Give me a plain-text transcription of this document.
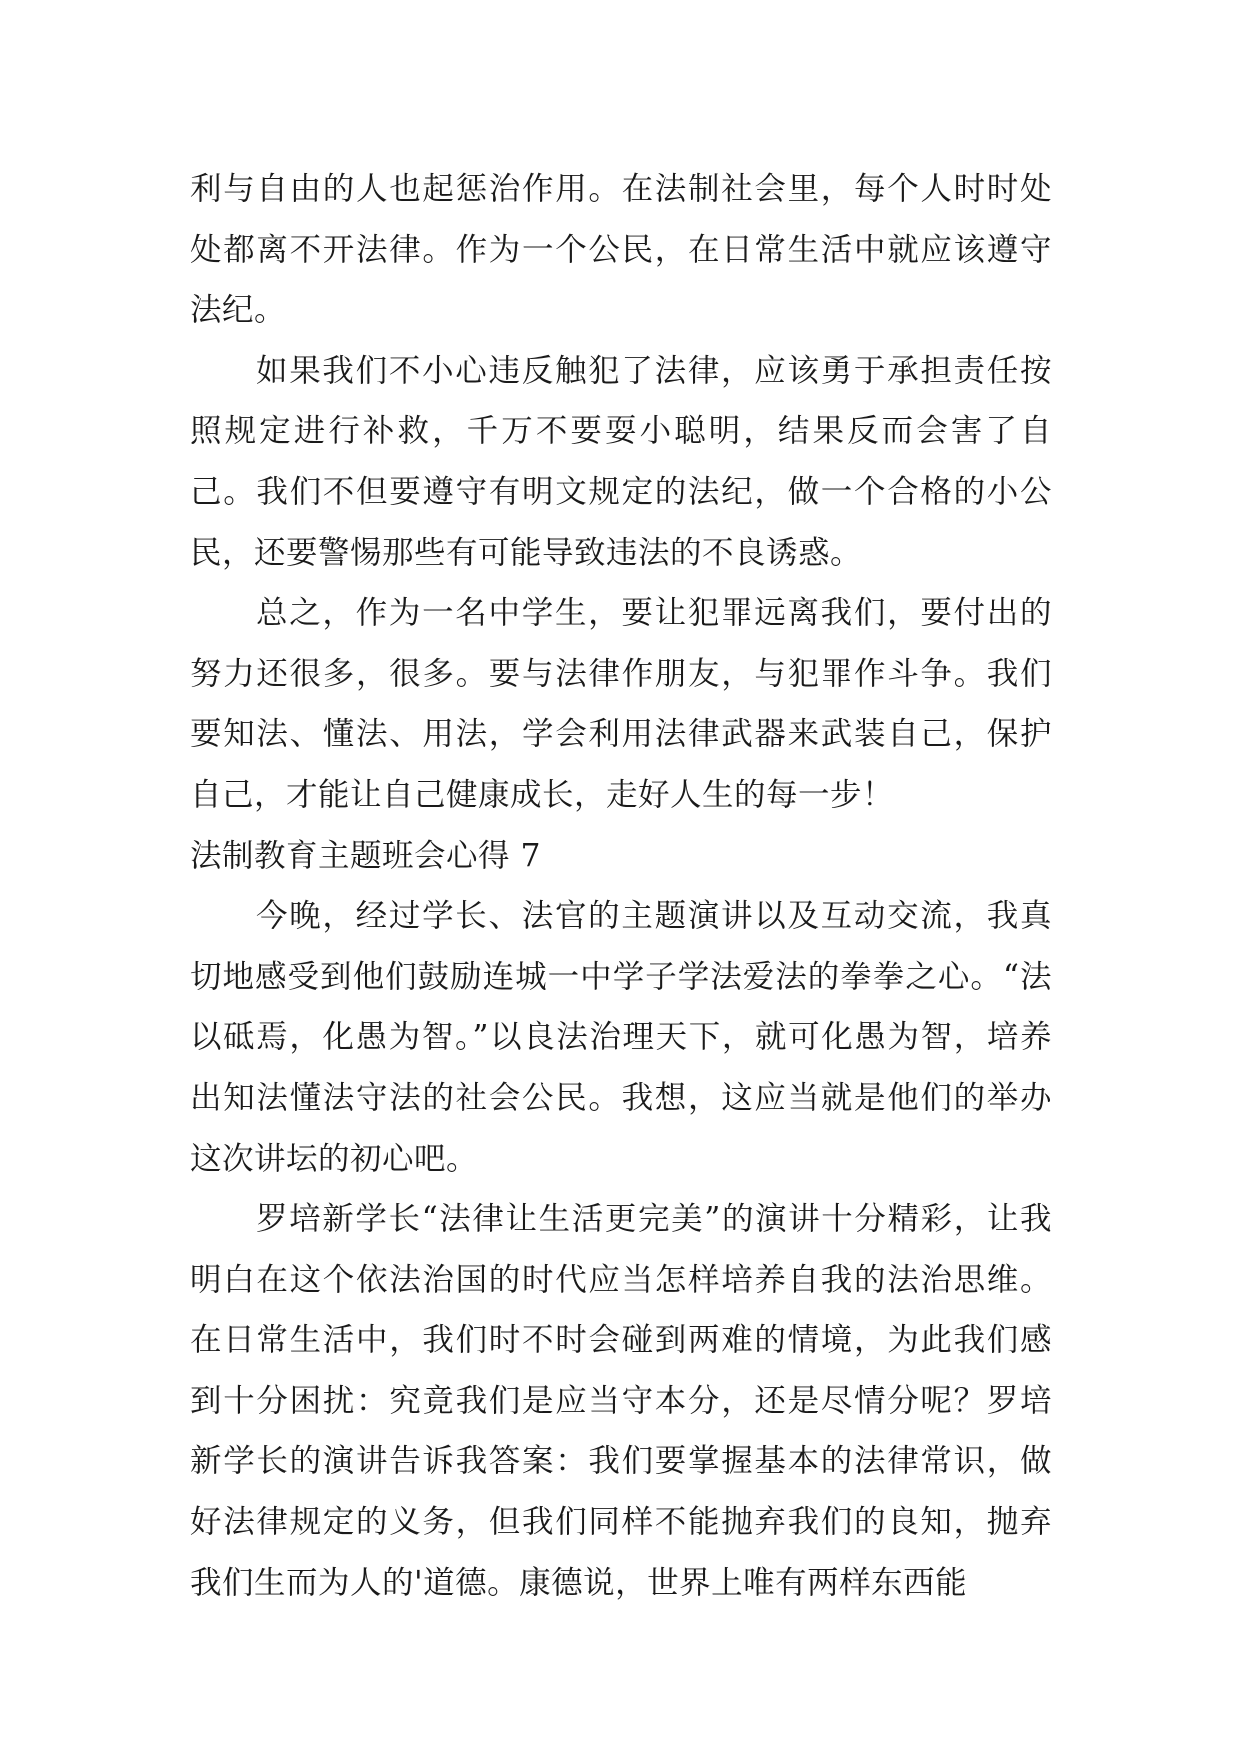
利与自由的人也起惩治作用。在法制社会里，每个人时时处处都离不开法律。作为一个公民，在日常生活中就应该遵守法纪。

如果我们不小心违反触犯了法律，应该勇于承担责任按照规定进行补救，千万不要耍小聪明，结果反而会害了自己。我们不但要遵守有明文规定的法纪，做一个合格的小公民，还要警惕那些有可能导致违法的不良诱惑。

总之，作为一名中学生，要让犯罪远离我们，要付出的努力还很多，很多。要与法律作朋友，与犯罪作斗争。我们要知法、懂法、用法，学会利用法律武器来武装自己，保护自己，才能让自己健康成长，走好人生的每一步！

法制教育主题班会心得 7

今晚，经过学长、法官的主题演讲以及互动交流，我真切地感受到他们鼓励连城一中学子学法爱法的拳拳之心。“法以砥焉，化愚为智。”以良法治理天下，就可化愚为智，培养出知法懂法守法的社会公民。我想，这应当就是他们的举办这次讲坛的初心吧。

罗培新学长“法律让生活更完美”的演讲十分精彩，让我明白在这个依法治国的时代应当怎样培养自我的法治思维。在日常生活中，我们时不时会碰到两难的情境，为此我们感到十分困扰：究竟我们是应当守本分，还是尽情分呢？罗培新学长的演讲告诉我答案：我们要掌握基本的法律常识，做好法律规定的义务，但我们同样不能抛弃我们的良知，抛弃我们生而为人的'道德。康德说，世界上唯有两样东西能
